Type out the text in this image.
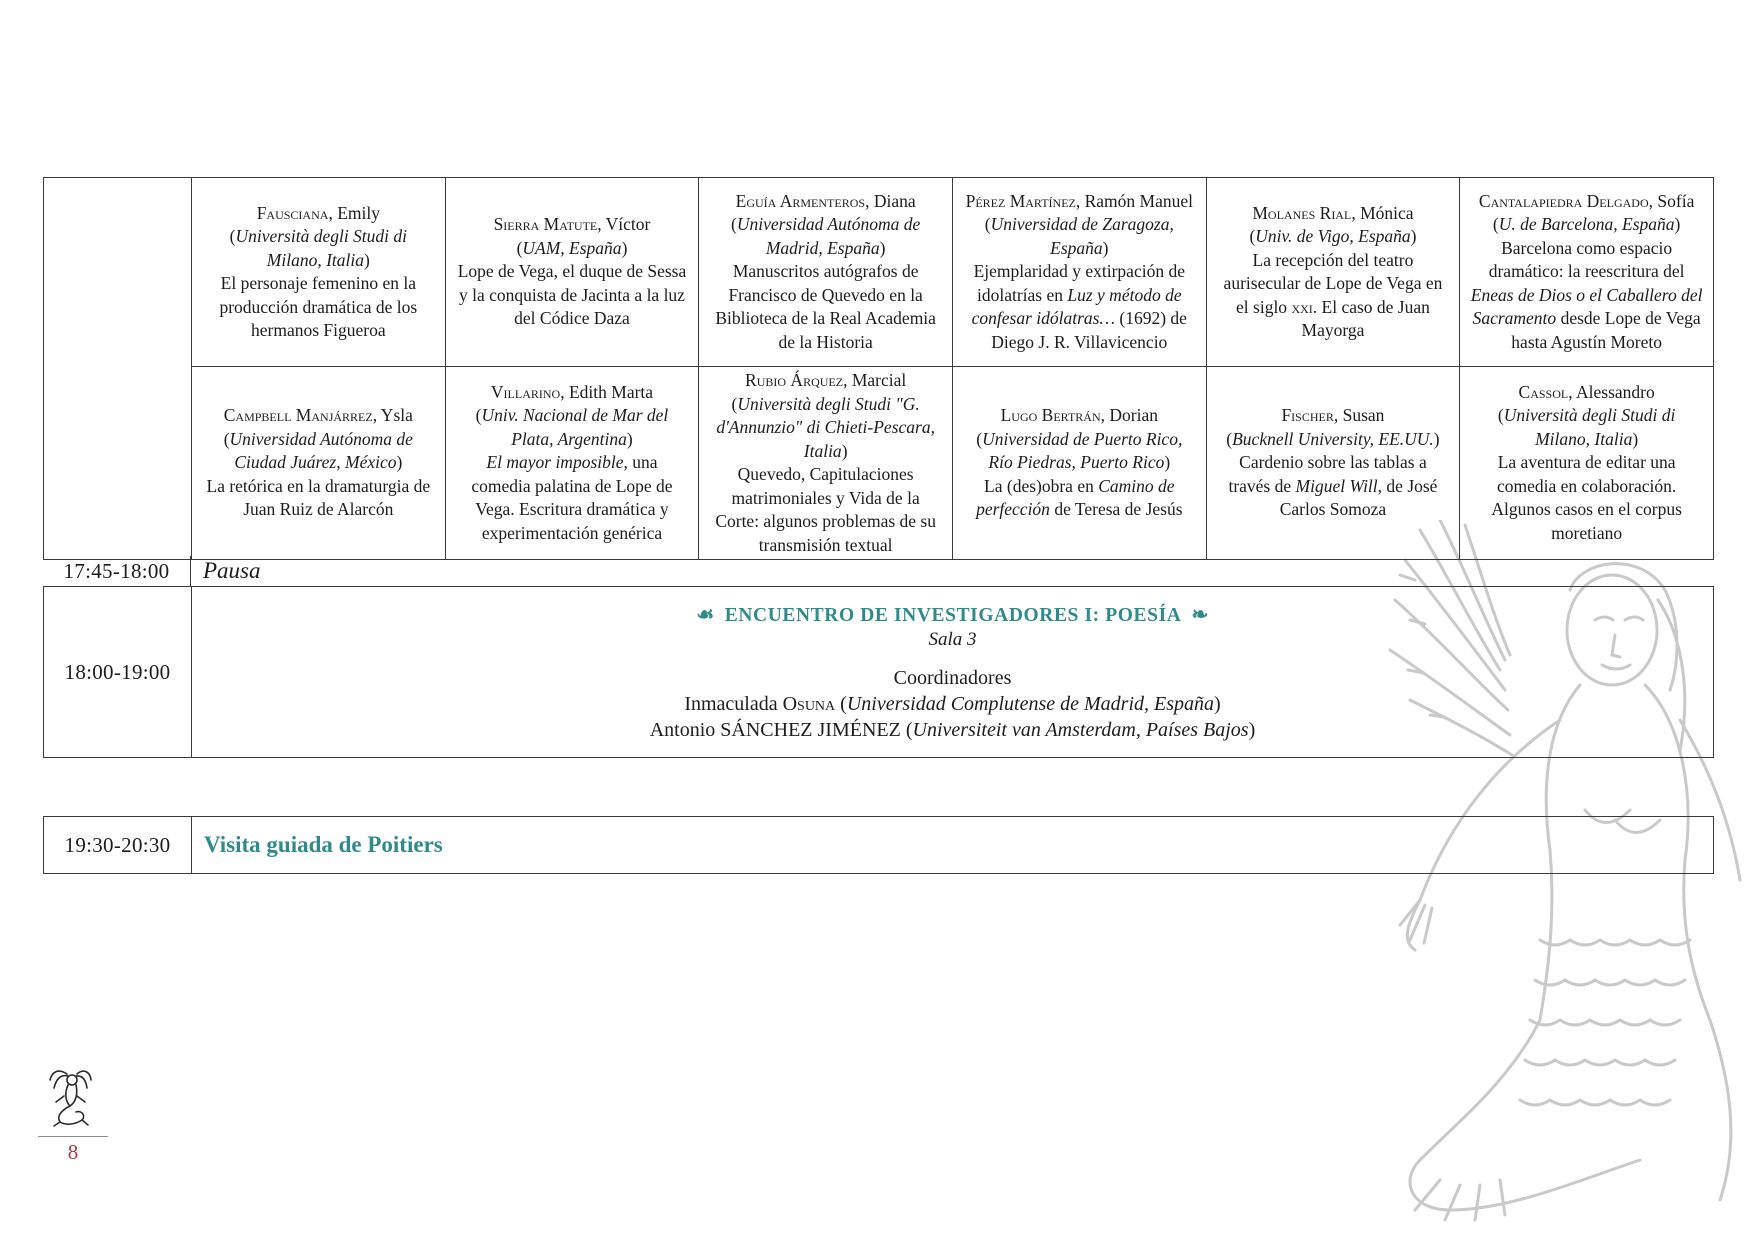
	Fausciana, Emily
(Università degli Studi di Milano, Italia)
El personaje femenino en la producción dramática de los hermanos Figueroa	Sierra Matute, Víctor
(UAM, España)
Lope de Vega, el duque de Sessa y la conquista de Jacinta a la luz del Códice Daza	Eguía Armenteros, Diana
(Universidad Autónoma de Madrid, España)
Manuscritos autógrafos de Francisco de Quevedo en la Biblioteca de la Real Academia de la Historia	Pérez Martínez, Ramón Manuel
(Universidad de Zaragoza, España)
Ejemplaridad y extirpación de idolatrías en Luz y método de confesar idólatras… (1692) de Diego J. R. Villavicencio	Molanes Rial, Mónica
(Univ. de Vigo, España)
La recepción del teatro aurisecular de Lope de Vega en el siglo xxi. El caso de Juan Mayorga	Cantalapiedra Delgado, Sofía
(U. de Barcelona, España)
Barcelona como espacio dramático: la reescritura del Eneas de Dios o el Caballero del Sacramento desde Lope de Vega hasta Agustín Moreto
	Campbell Manjárrez, Ysla
(Universidad Autónoma de Ciudad Juárez, México)
La retórica en la dramaturgia de Juan Ruiz de Alarcón	Villarino, Edith Marta
(Univ. Nacional de Mar del Plata, Argentina)
El mayor imposible, una comedia palatina de Lope de Vega. Escritura dramática y experimentación genérica	Rubio Árquez, Marcial
(Università degli Studi "G. d'Annunzio" di Chieti-Pescara, Italia)
Quevedo, Capitulaciones matrimoniales y Vida de la Corte: algunos problemas de su transmisión textual	Lugo Bertrán, Dorian
(Universidad de Puerto Rico, Río Piedras, Puerto Rico)
La (des)obra en Camino de perfección de Teresa de Jesús	Fischer, Susan
(Bucknell University, EE.UU.)
Cardenio sobre las tablas a través de Miguel Will, de José Carlos Somoza	Cassol, Alessandro
(Università degli Studi di Milano, Italia)
La aventura de editar una comedia en colaboración. Algunos casos en el corpus moretiano
17:45-18:00	Pausa
18:00-19:00	
☙ ENCUENTRO DE INVESTIGADORES I: POESÍA ❧
Sala 3
Coordinadores
Inmaculada Osuna (Universidad Complutense de Madrid, España)
Antonio SÁNCHEZ JIMÉNEZ (Universiteit van Amsterdam, Países Bajos)
19:30-20:30	Visita guiada de Poitiers
8
